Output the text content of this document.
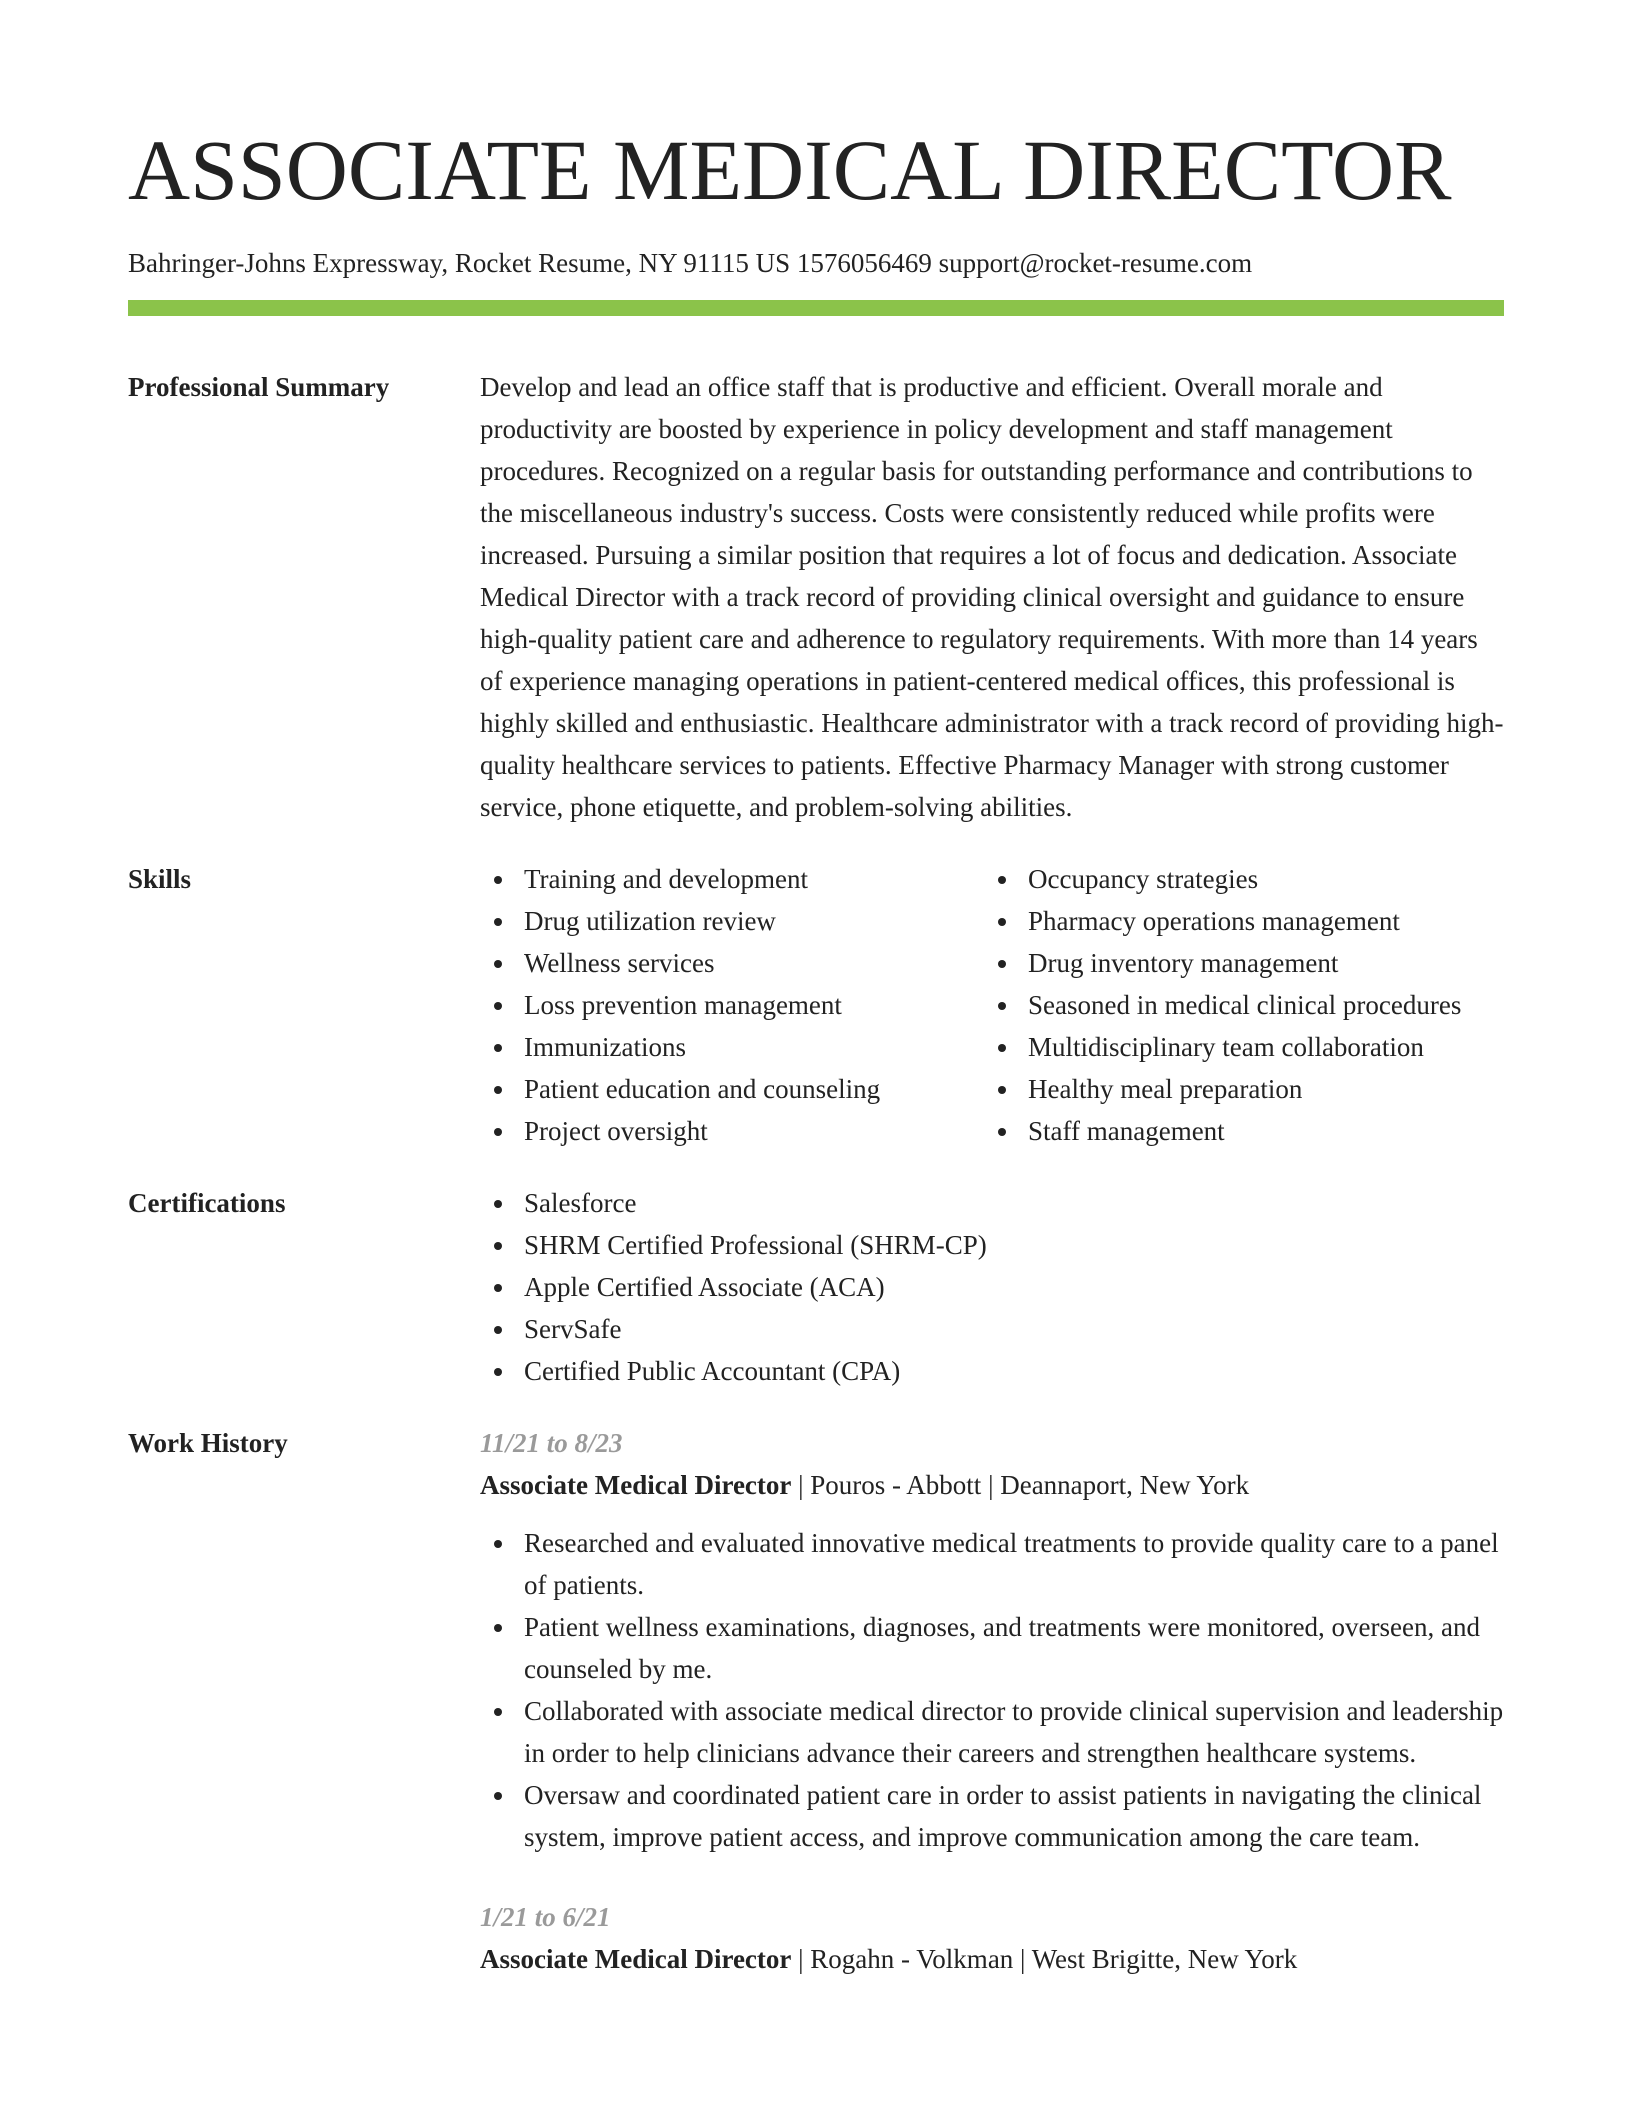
ASSOCIATE MEDICAL DIRECTOR
Bahringer-Johns Expressway, Rocket Resume, NY 91115 US 1576056469 support@rocket-resume.com
Professional Summary	Develop and lead an office staff that is productive and efficient. Overall morale and productivity are boosted by experience in policy development and staff management procedures. Recognized on a regular basis for outstanding performance and contributions to the miscellaneous industry's success. Costs were consistently reduced while profits were increased. Pursuing a similar position that requires a lot of focus and dedication. Associate Medical Director with a track record of providing clinical oversight and guidance to ensure high-quality patient care and adherence to regulatory requirements. With more than 14 years of experience managing operations in patient-centered medical offices, this professional is highly skilled and enthusiastic. Healthcare administrator with a track record of providing high-quality healthcare services to patients. Effective Pharmacy Manager with strong customer service, phone etiquette, and problem-solving abilities.
Skills	Training and development
Drug utilization review
Wellness services
Loss prevention management
Immunizations
Patient education and counseling
Project oversight
Occupancy strategies
Pharmacy operations management
Drug inventory management
Seasoned in medical clinical procedures
Multidisciplinary team collaboration
Healthy meal preparation
Staff management
Certifications	Salesforce
SHRM Certified Professional (SHRM-CP)
Apple Certified Associate (ACA)
ServSafe
Certified Public Accountant (CPA)
Work History	11/21 to 8/23
Associate Medical Director | Pouros - Abbott | Deannaport, New York
Researched and evaluated innovative medical treatments to provide quality care to a panel of patients.
Patient wellness examinations, diagnoses, and treatments were monitored, overseen, and counseled by me.
Collaborated with associate medical director to provide clinical supervision and leadership in order to help clinicians advance their careers and strengthen healthcare systems.
Oversaw and coordinated patient care in order to assist patients in navigating the clinical system, improve patient access, and improve communication among the care team.
1/21 to 6/21
Associate Medical Director | Rogahn - Volkman | West Brigitte, New York
